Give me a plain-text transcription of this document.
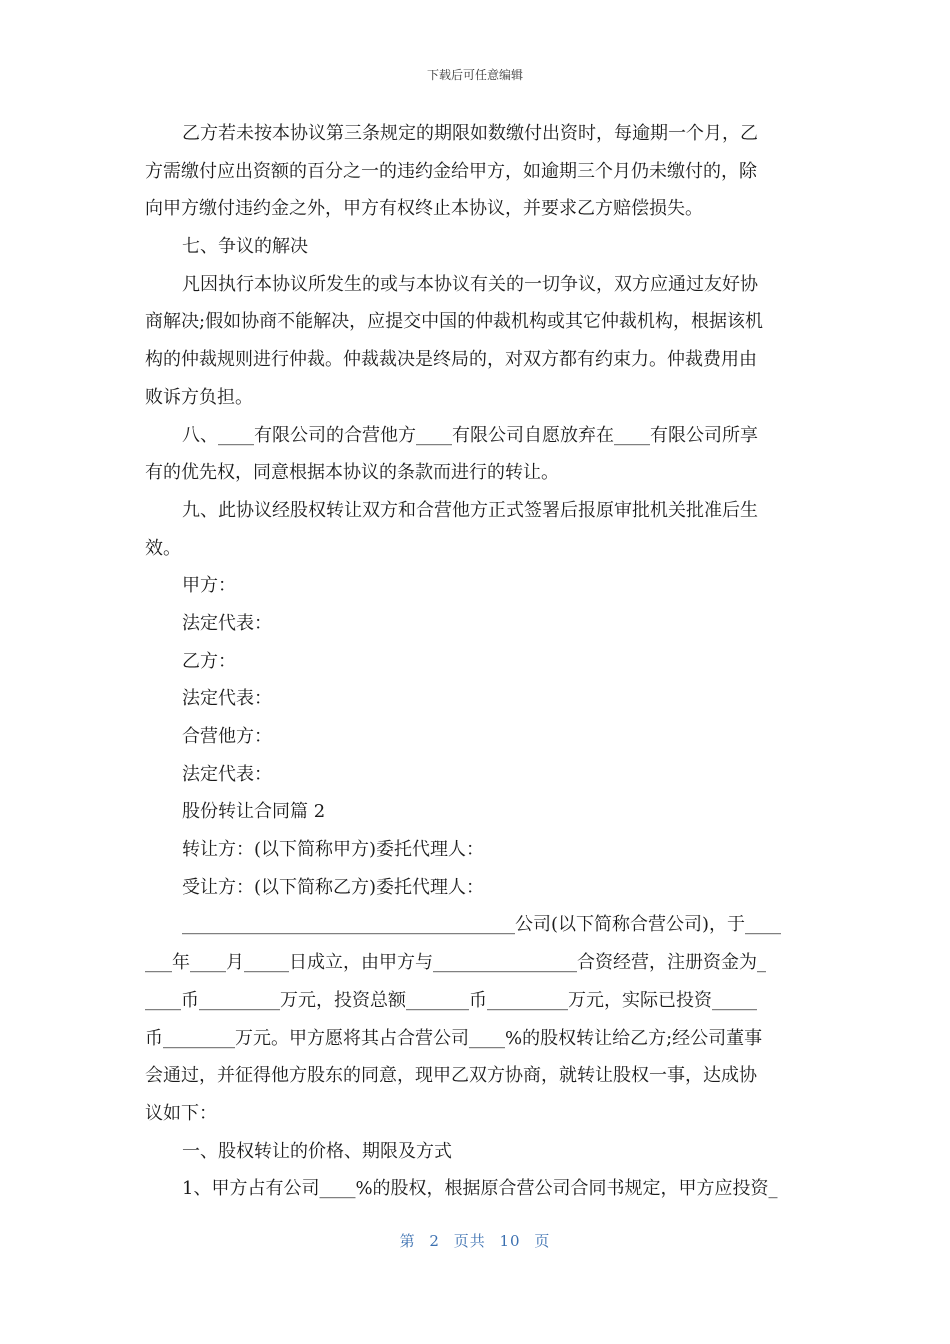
下载后可任意编辑
乙方若未按本协议第三条规定的期限如数缴付出资时，每逾期一个月，乙
方需缴付应出资额的百分之一的违约金给甲方，如逾期三个月仍未缴付的，除
向甲方缴付违约金之外，甲方有权终止本协议，并要求乙方赔偿损失。
七、争议的解决
凡因执行本协议所发生的或与本协议有关的一切争议，双方应通过友好协
商解决;假如协商不能解决，应提交中国的仲裁机构或其它仲裁机构，根据该机
构的仲裁规则进行仲裁。仲裁裁决是终局的，对双方都有约束力。仲裁费用由
败诉方负担。
八、____有限公司的合营他方____有限公司自愿放弃在____有限公司所享
有的优先权，同意根据本协议的条款而进行的转让。
九、此协议经股权转让双方和合营他方正式签署后报原审批机关批准后生
效。
甲方：
法定代表：
乙方：
法定代表：
合营他方：
法定代表：
股份转让合同篇 2
转让方：(以下简称甲方)委托代理人：
受让方：(以下简称乙方)委托代理人：
_____________________________________公司(以下简称合营公司)，于____
___年____月_____日成立，由甲方与________________合资经营，注册资金为_
____币_________万元，投资总额_______币_________万元，实际已投资_____
币________万元。甲方愿将其占合营公司____%的股权转让给乙方;经公司董事
会通过，并征得他方股东的同意，现甲乙双方协商，就转让股权一事，达成协
议如下：
一、股权转让的价格、期限及方式
1、甲方占有公司____%的股权，根据原合营公司合同书规定，甲方应投资_
第 2 页共 10 页
